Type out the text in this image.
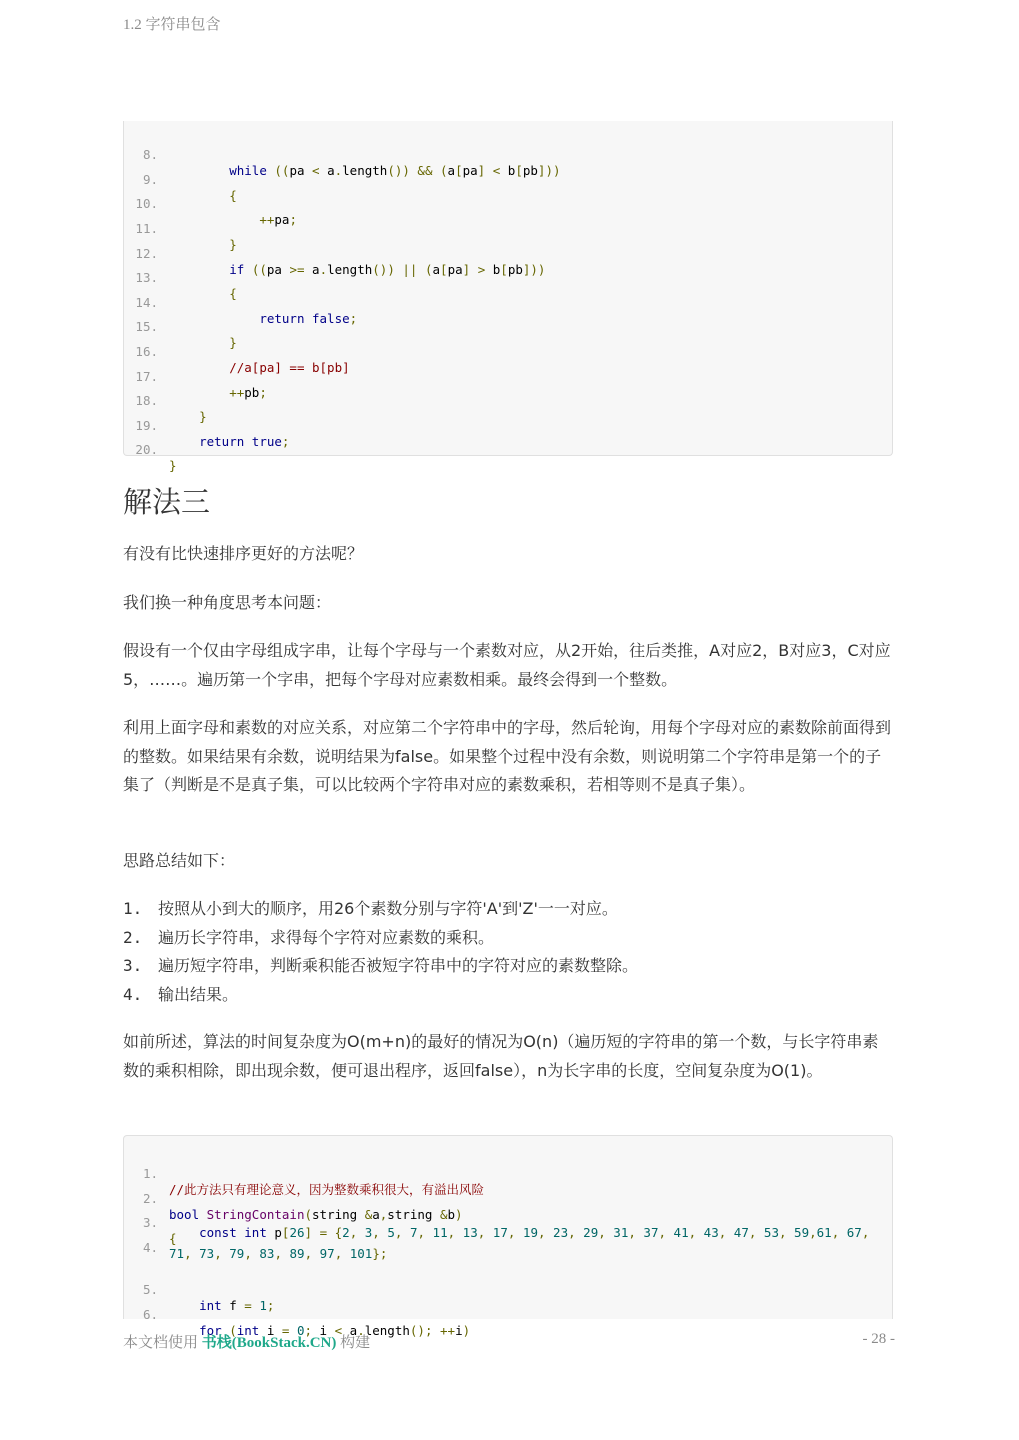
1.2 字符串包含

8.

while ((pa < a.length()) && (a[pa] < b[pb]))

9.

{

10.

++pa;

11.

}

12.

if ((pa >= a.length()) || (a[pa] > b[pb]))

13.

{

14.

return false;

15.

}

16.

//a[pa] == b[pb]

17.

++pb;

18.

}

19.

return true;

20.

}

解法三

有没有比快速排序更好的方法呢？

我们换一种角度思考本问题：

假设有一个仅由字母组成字串，让每个字母与一个素数对应，从2开始，往后类推，A对应2，B对应3，C对应5，……。遍历第一个字串，把每个字母对应素数相乘。最终会得到一个整数。

利用上面字母和素数的对应关系，对应第二个字符串中的字母，然后轮询，用每个字母对应的素数除前面得到的整数。如果结果有余数，说明结果为false。如果整个过程中没有余数，则说明第二个字符串是第一个的子集了（判断是不是真子集，可以比较两个字符串对应的素数乘积，若相等则不是真子集）。

思路总结如下：

1. 按照从小到大的顺序，用26个素数分别与字符'A'到'Z'一一对应。
2. 遍历长字符串，求得每个字符对应素数的乘积。
3. 遍历短字符串，判断乘积能否被短字符串中的字符对应的素数整除。
4. 输出结果。

如前所述，算法的时间复杂度为O(m+n)的最好的情况为O(n)（遍历短的字符串的第一个数，与长字符串素数的乘积相除，即出现余数，便可退出程序，返回false），n为长字串的长度，空间复杂度为O(1)。

1.

//此方法只有理论意义，因为整数乘积很大，有溢出风险

2.

bool StringContain(string &a,string &b)

3.

{

4.

const int p[26] = {2, 3, 5, 7, 11, 13, 17, 19, 23, 29, 31, 37, 41, 43, 47, 53, 59,61, 67,
71, 73, 79, 83, 89, 97, 101};

5.

int f = 1;

6.

for (int i = 0; i < a.length(); ++i)

本文档使用 书栈(BookStack.CN) 构建	- 28 -
